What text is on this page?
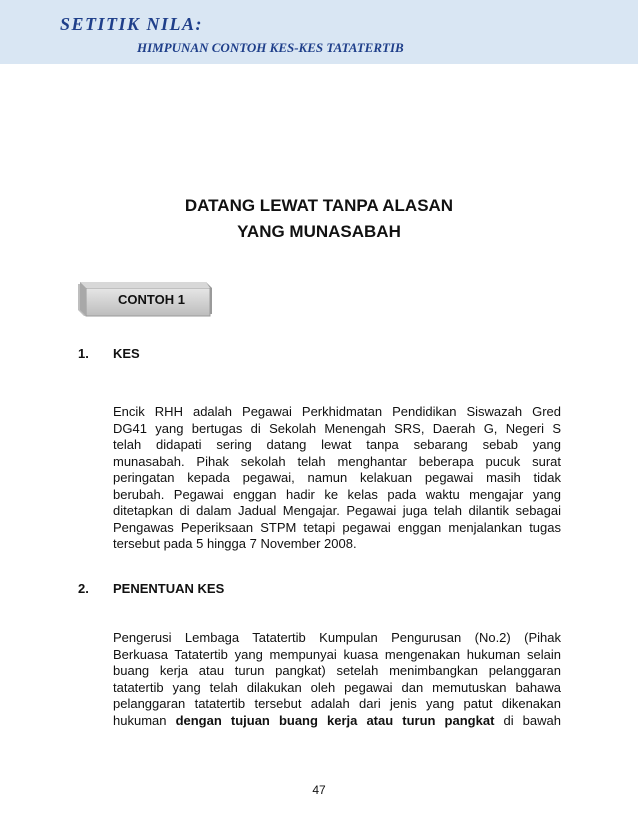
SETITIK NILA:
HIMPUNAN CONTOH KES-KES TATATERTIB
DATANG LEWAT TANPA ALASAN
YANG MUNASABAH
CONTOH 1
1. KES
Encik RHH adalah Pegawai Perkhidmatan Pendidikan Siswazah Gred
DG41 yang bertugas di Sekolah Menengah SRS, Daerah G, Negeri S
telah didapati sering datang lewat tanpa sebarang sebab yang
munasabah. Pihak sekolah telah menghantar beberapa pucuk surat
peringatan kepada pegawai, namun kelakuan pegawai masih tidak
berubah. Pegawai enggan hadir ke kelas pada waktu mengajar yang
ditetapkan di dalam Jadual Mengajar. Pegawai juga telah dilantik sebagai
Pengawas Peperiksaan STPM tetapi pegawai enggan menjalankan tugas
tersebut pada 5 hingga 7 November 2008.
2. PENENTUAN KES
Pengerusi Lembaga Tatatertib Kumpulan Pengurusan (No.2) (Pihak
Berkuasa Tatatertib yang mempunyai kuasa mengenakan hukuman selain
buang kerja atau turun pangkat) setelah menimbangkan pelanggaran
tatatertib yang telah dilakukan oleh pegawai dan memutuskan bahawa
pelanggaran tatatertib tersebut adalah dari jenis yang patut dikenakan
hukuman dengan tujuan buang kerja atau turun pangkat di bawah
47
